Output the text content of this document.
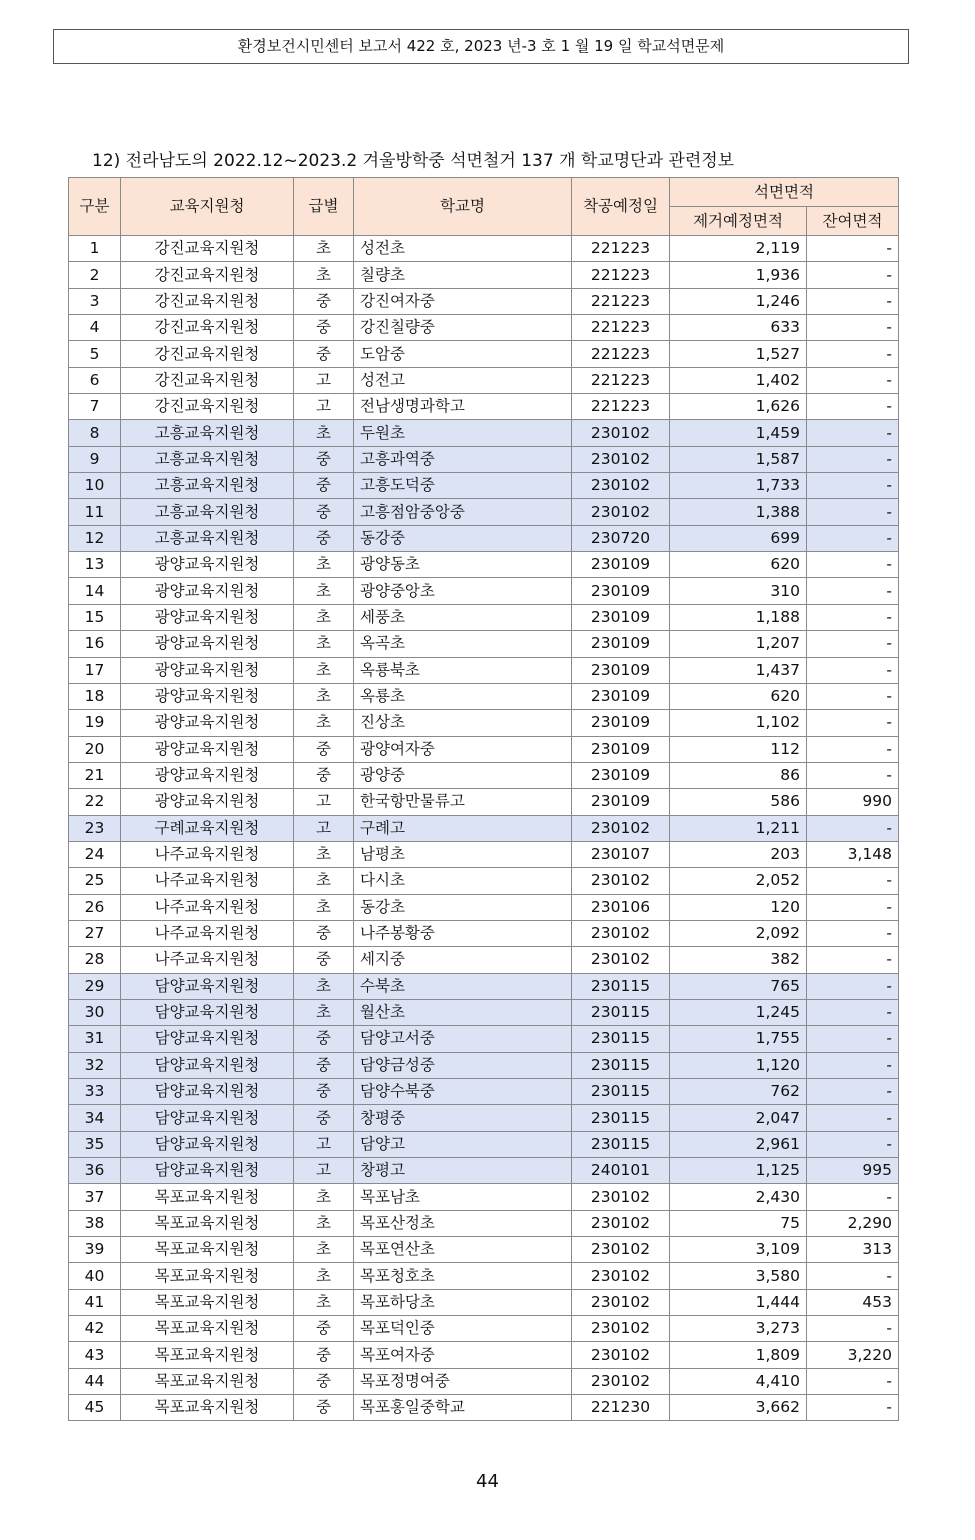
환경보건시민센터 보고서 422 호, 2023 년-3 호 1 월 19 일 학교석면문제
12) 전라남도의 2022.12~2023.2 겨울방학중 석면철거 137 개 학교명단과 관련정보
구분	교육지원청	급별	학교명	착공예정일	석면면적	
					제거예정면적	잔여면적
1	강진교육지원청	초	성전초	221223	2,119	-
2	강진교육지원청	초	칠량초	221223	1,936	-
3	강진교육지원청	중	강진여자중	221223	1,246	-
4	강진교육지원청	중	강진칠량중	221223	633	-
5	강진교육지원청	중	도암중	221223	1,527	-
6	강진교육지원청	고	성전고	221223	1,402	-
7	강진교육지원청	고	전남생명과학고	221223	1,626	-
8	고흥교육지원청	초	두원초	230102	1,459	-
9	고흥교육지원청	중	고흥과역중	230102	1,587	-
10	고흥교육지원청	중	고흥도덕중	230102	1,733	-
11	고흥교육지원청	중	고흥점암중앙중	230102	1,388	-
12	고흥교육지원청	중	동강중	230720	699	-
13	광양교육지원청	초	광양동초	230109	620	-
14	광양교육지원청	초	광양중앙초	230109	310	-
15	광양교육지원청	초	세풍초	230109	1,188	-
16	광양교육지원청	초	옥곡초	230109	1,207	-
17	광양교육지원청	초	옥룡북초	230109	1,437	-
18	광양교육지원청	초	옥룡초	230109	620	-
19	광양교육지원청	초	진상초	230109	1,102	-
20	광양교육지원청	중	광양여자중	230109	112	-
21	광양교육지원청	중	광양중	230109	86	-
22	광양교육지원청	고	한국항만물류고	230109	586	990
23	구례교육지원청	고	구례고	230102	1,211	-
24	나주교육지원청	초	남평초	230107	203	3,148
25	나주교육지원청	초	다시초	230102	2,052	-
26	나주교육지원청	초	동강초	230106	120	-
27	나주교육지원청	중	나주봉황중	230102	2,092	-
28	나주교육지원청	중	세지중	230102	382	-
29	담양교육지원청	초	수북초	230115	765	-
30	담양교육지원청	초	월산초	230115	1,245	-
31	담양교육지원청	중	담양고서중	230115	1,755	-
32	담양교육지원청	중	담양금성중	230115	1,120	-
33	담양교육지원청	중	담양수북중	230115	762	-
34	담양교육지원청	중	창평중	230115	2,047	-
35	담양교육지원청	고	담양고	230115	2,961	-
36	담양교육지원청	고	창평고	240101	1,125	995
37	목포교육지원청	초	목포남초	230102	2,430	-
38	목포교육지원청	초	목포산정초	230102	75	2,290
39	목포교육지원청	초	목포연산초	230102	3,109	313
40	목포교육지원청	초	목포청호초	230102	3,580	-
41	목포교육지원청	초	목포하당초	230102	1,444	453
42	목포교육지원청	중	목포덕인중	230102	3,273	-
43	목포교육지원청	중	목포여자중	230102	1,809	3,220
44	목포교육지원청	중	목포정명여중	230102	4,410	-
45	목포교육지원청	중	목포홍일중학교	221230	3,662	-
44
